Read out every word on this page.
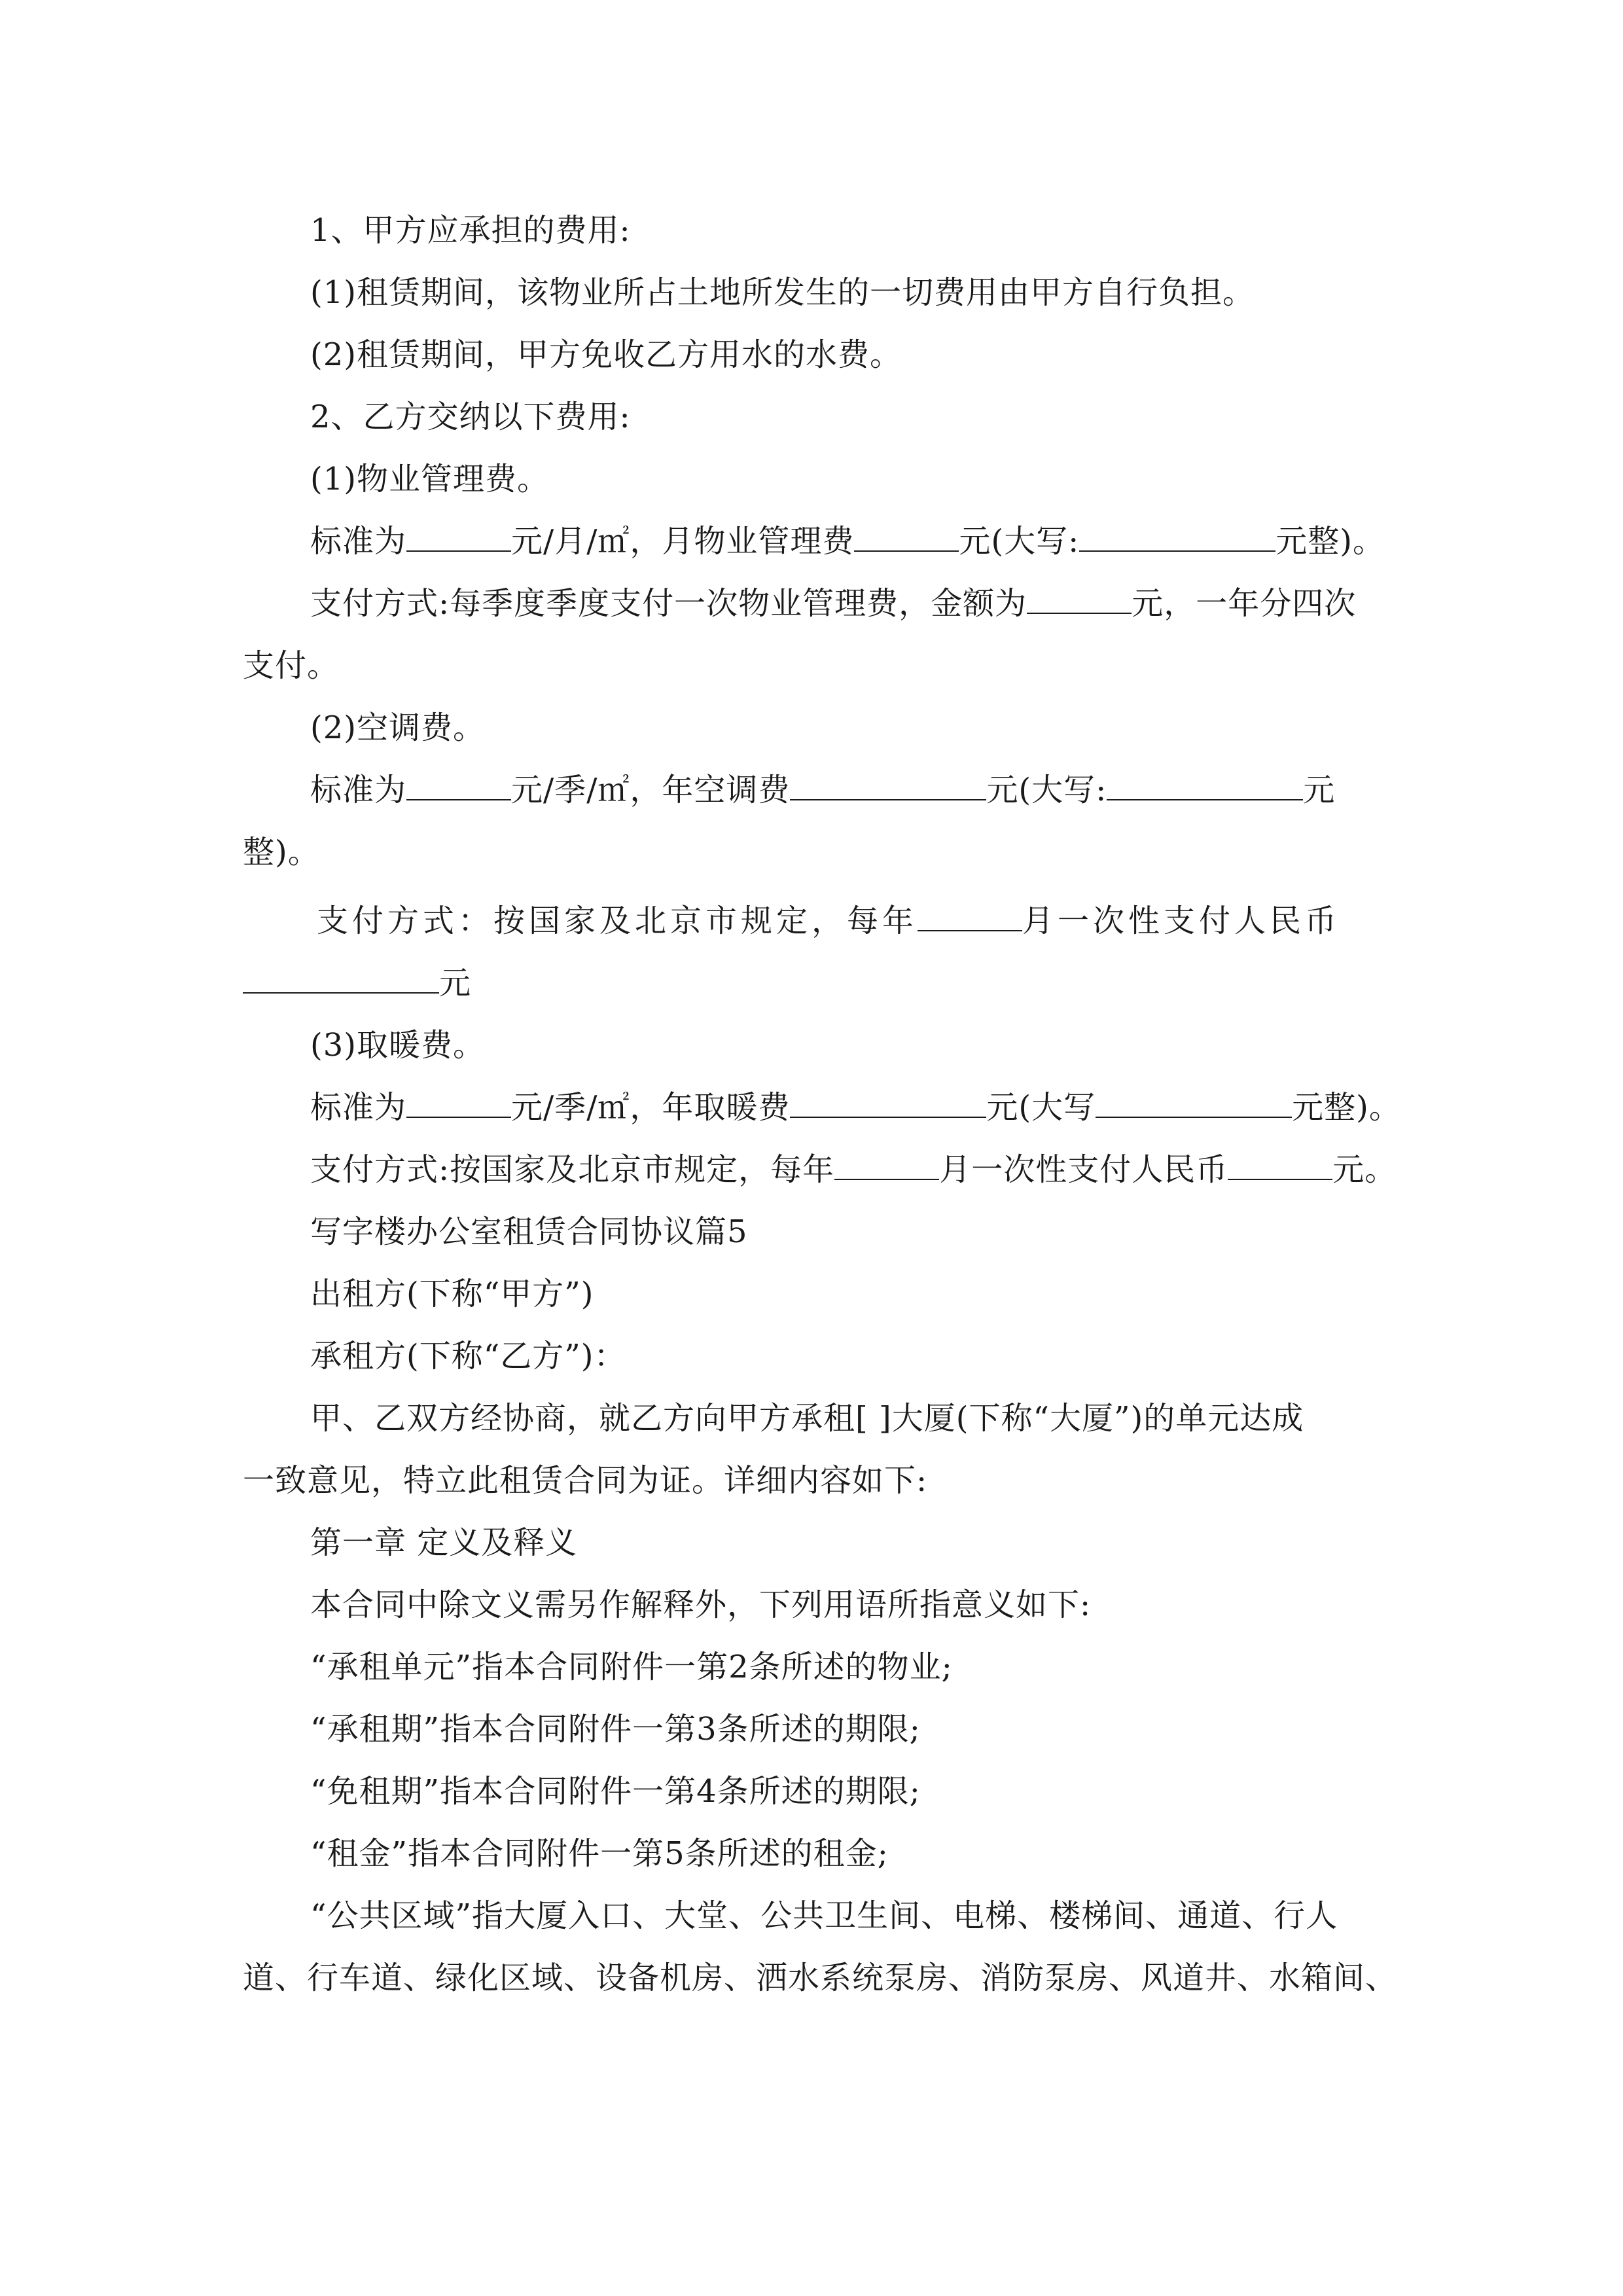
1、甲方应承担的费用:
(1)租赁期间，该物业所占土地所发生的一切费用由甲方自行负担。
(2)租赁期间，甲方免收乙方用水的水费。
2、乙方交纳以下费用:
(1)物业管理费。
标准为	元/月/㎡，月物业管理费	元(大写:	元整)。
支付方式:每季度季度支付一次物业管理费，金额为	元，一年分四次
支付。
(2)空调费。
标准为	元/季/㎡，年空调费	元(大写:	元
整)。
支付方式：按国家及北京市规定，每年	月一次性支付人民币
元
(3)取暖费。
标准为	元/季/㎡，年取暖费	元(大写	元整)。
支付方式:按国家及北京市规定，每年	月一次性支付人民币	元。
写字楼办公室租赁合同协议篇5
出租方(下称“甲方”)
承租方(下称“乙方”)：
甲、乙双方经协商，就乙方向甲方承租[ ]大厦(下称“大厦”)的单元达成
一致意见，特立此租赁合同为证。详细内容如下:
第一章 定义及释义
本合同中除文义需另作解释外，下列用语所指意义如下:
“承租单元”指本合同附件一第2条所述的物业;
“承租期”指本合同附件一第3条所述的期限;
“免租期”指本合同附件一第4条所述的期限;
“租金”指本合同附件一第5条所述的租金;
“公共区域”指大厦入口、大堂、公共卫生间、电梯、楼梯间、通道、行人
道、行车道、绿化区域、设备机房、洒水系统泵房、消防泵房、风道井、水箱间、
